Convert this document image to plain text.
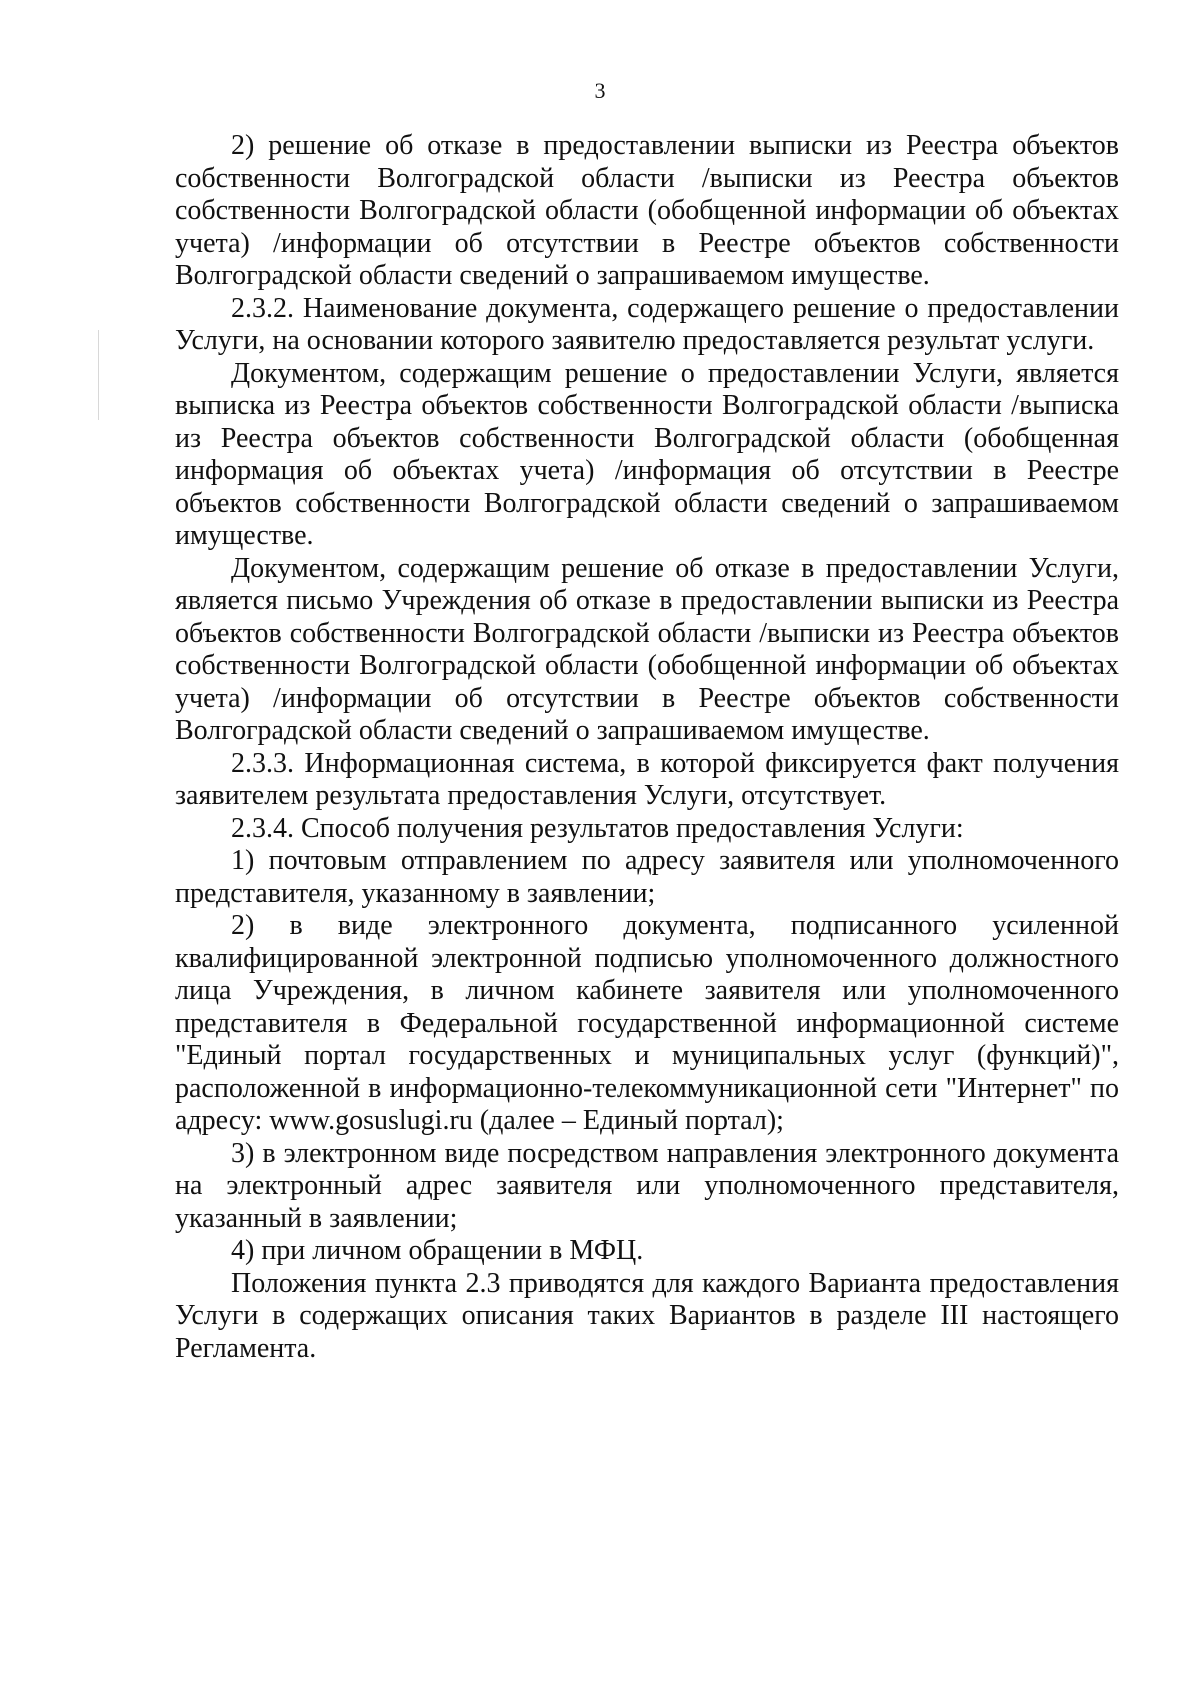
3

2) решение об отказе в предоставлении выписки из Реестра объектов собственности Волгоградской области /выписки из Реестра объектов собственности Волгоградской области (обобщенной информации об объектах учета) /информации об отсутствии в Реестре объектов собственности Волгоградской области сведений о запрашиваемом имуществе.

2.3.2. Наименование документа, содержащего решение о предоставлении Услуги, на основании которого заявителю предоставляется результат услуги.

Документом, содержащим решение о предоставлении Услуги, является выписка из Реестра объектов собственности Волгоградской области /выписка из Реестра объектов собственности Волгоградской области (обобщенная информация об объектах учета) /информация об отсутствии в Реестре объектов собственности Волгоградской области сведений о запрашиваемом имуществе.

Документом, содержащим решение об отказе в предоставлении Услуги, является письмо Учреждения об отказе в предоставлении выписки из Реестра объектов собственности Волгоградской области /выписки из Реестра объектов собственности Волгоградской области (обобщенной информации об объектах учета) /информации об отсутствии в Реестре объектов собственности Волгоградской области сведений о запрашиваемом имуществе.

2.3.3. Информационная система, в которой фиксируется факт получения заявителем результата предоставления Услуги, отсутствует.

2.3.4. Способ получения результатов предоставления Услуги:

1) почтовым отправлением по адресу заявителя или уполномоченного представителя, указанному в заявлении;

2) в виде электронного документа, подписанного усиленной квалифицированной электронной подписью уполномоченного должностного лица Учреждения, в личном кабинете заявителя или уполномоченного представителя в Федеральной государственной информационной системе "Единый портал государственных и муниципальных услуг (функций)", расположенной в информационно-телекоммуникационной сети "Интернет" по адресу: www.gosuslugi.ru (далее – Единый портал);

3) в электронном виде посредством направления электронного документа на электронный адрес заявителя или уполномоченного представителя, указанный в заявлении;

4) при личном обращении в МФЦ.

Положения пункта 2.3 приводятся для каждого Варианта предоставления Услуги в содержащих описания таких Вариантов в разделе III настоящего Регламента.
